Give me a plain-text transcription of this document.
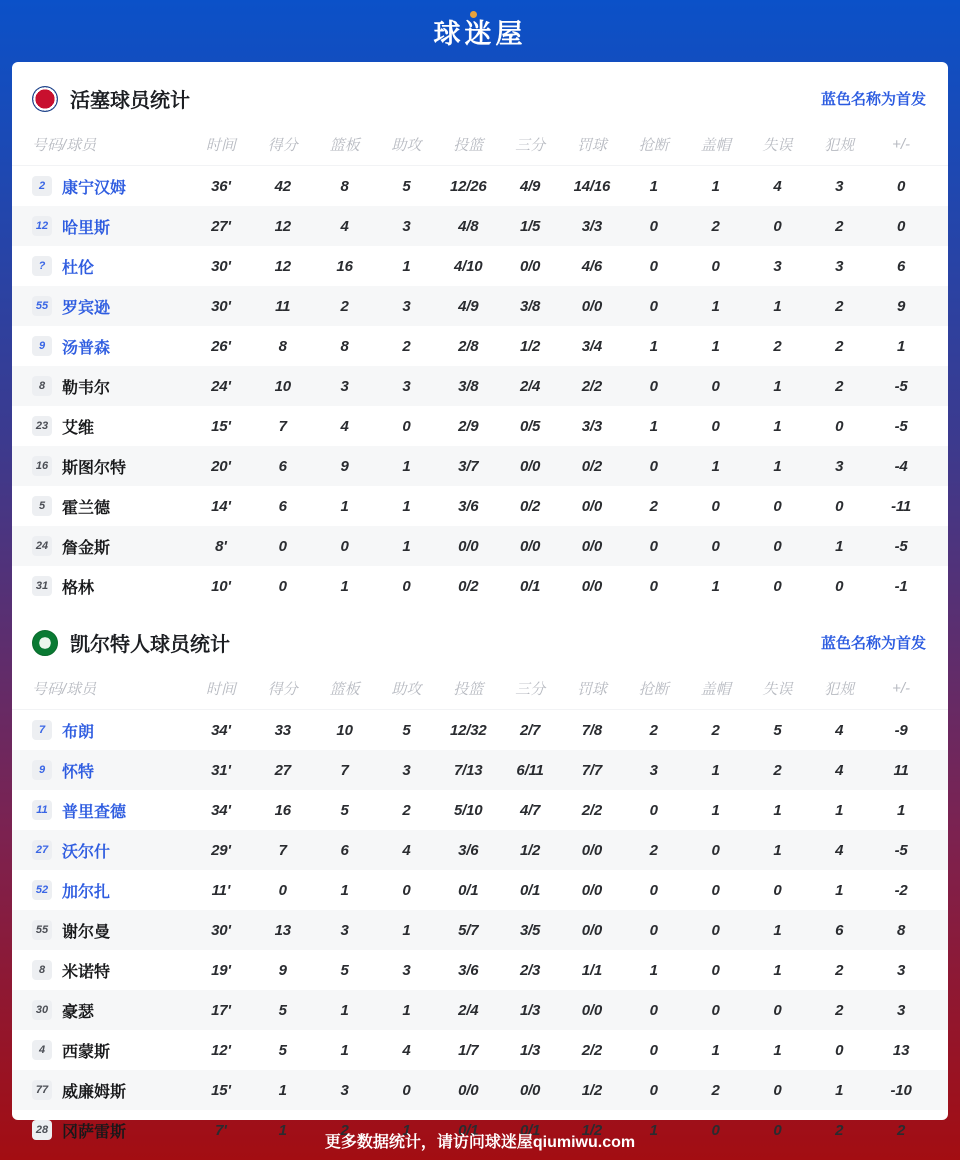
球迷屋
活塞球员统计	蓝色名称为首发
号码/球员	时间	得分	篮板	助攻	投篮	三分	罚球	抢断	盖帽	失误	犯规	+/-
2	康宁汉姆	36'	42	8	5	12/26	4/9	14/16	1	1	4	3	0
12 哈里斯	27'	12	4	3	4/8	1/5	3/3	0	2	0	2	0
?	杜伦	30'	12	16	1	4/10	0/0	4/6	0	0	3	3	6
55 罗宾逊	30'	11	2	3	4/9	3/8	0/0	0	1	1	2	9
9	汤普森	26'	8	8	2	2/8	1/2	3/4	1	1	2	2	1
8	勒韦尔	24'	10	3	3	3/8	2/4	2/2	0	0	1	2	-5
23 艾维	15'	7	4	0	2/9	0/5	3/3	1	0	1	0	-5
16 斯图尔特	20'	6	9	1	3/7	0/0	0/2	0	1	1	3	-4
5	霍兰德	14'	6	1	1	3/6	0/2	0/0	2	0	0	0	-11
24 詹金斯	8'	0	0	1	0/0	0/0	0/0	0	0	0	1	-5
31 格林	10'	0	1	0	0/2	0/1	0/0	0	1	0	0	-1
凯尔特人球员统计	蓝色名称为首发
号码/球员	时间	得分	篮板	助攻	投篮	三分	罚球	抢断	盖帽	失误	犯规	+/-
7	布朗	34'	33	10	5	12/32	2/7	7/8	2	2	5	4	-9
9	怀特	31'	27	7	3	7/13	6/11	7/7	3	1	2	4	11
11 普里查德	34'	16	5	2	5/10	4/7	2/2	0	1	1	1	1
27 沃尔什	29'	7	6	4	3/6	1/2	0/0	2	0	1	4	-5
52 加尔扎	11'	0	1	0	0/1	0/1	0/0	0	0	0	1	-2
55 谢尔曼	30'	13	3	1	5/7	3/5	0/0	0	0	1	6	8
8	米诺特	19'	9	5	3	3/6	2/3	1/1	1	0	1	2	3
30 豪瑟	17'	5	1	1	2/4	1/3	0/0	0	0	0	2	3
4	西蒙斯	12'	5	1	4	1/7	1/3	2/2	0	1	1	0	13
77 威廉姆斯	15'	1	3	0	0/0	0/0	1/2	0	2	0	1	-10
28 冈萨雷斯	7'	1	2	1	0/1	0/1	1/2	1	0	0	2	2
更多数据统计，请访问球迷屋qiumiwu.com
